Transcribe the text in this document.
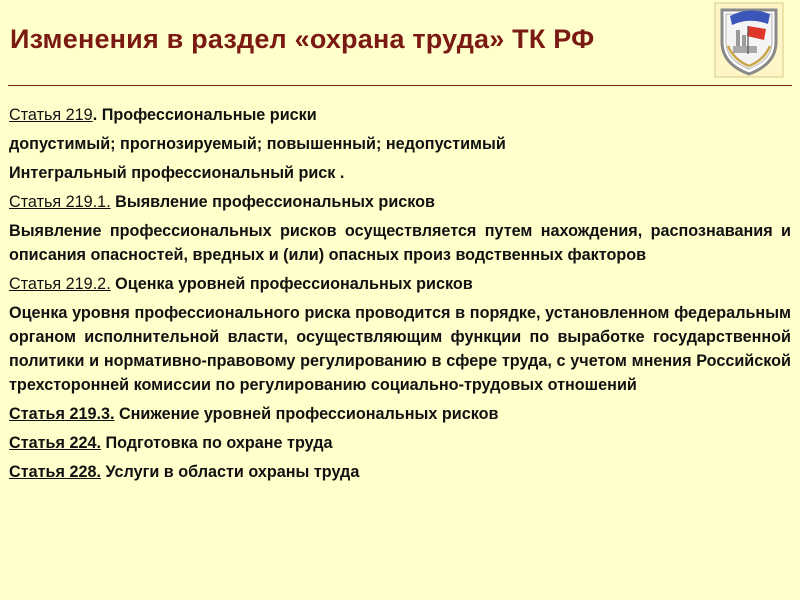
Изменения в раздел «охрана труда» ТК РФ

Статья 219. Профессиональные риски

допустимый; прогнозируемый; повышенный; недопустимый

Интегральный профессиональный риск .

Статья 219.1. Выявление профессиональных рисков

Выявление профессиональных рисков осуществляется путем нахождения, распознавания и описания опасностей, вредных и (или) опасных произ водственных факторов

Статья 219.2. Оценка уровней профессиональных рисков

Оценка уровня профессионального риска проводится в порядке, установленном федеральным органом исполнительной власти, осуществляющим функции по выработке государственной политики и нормативно-правовому регулированию в сфере труда, с учетом мнения Российской трехсторонней комиссии по регулированию социально-трудовых отношений

Статья 219.3. Снижение уровней профессиональных рисков

Статья 224. Подготовка по охране труда

Статья 228. Услуги в области охраны труда
